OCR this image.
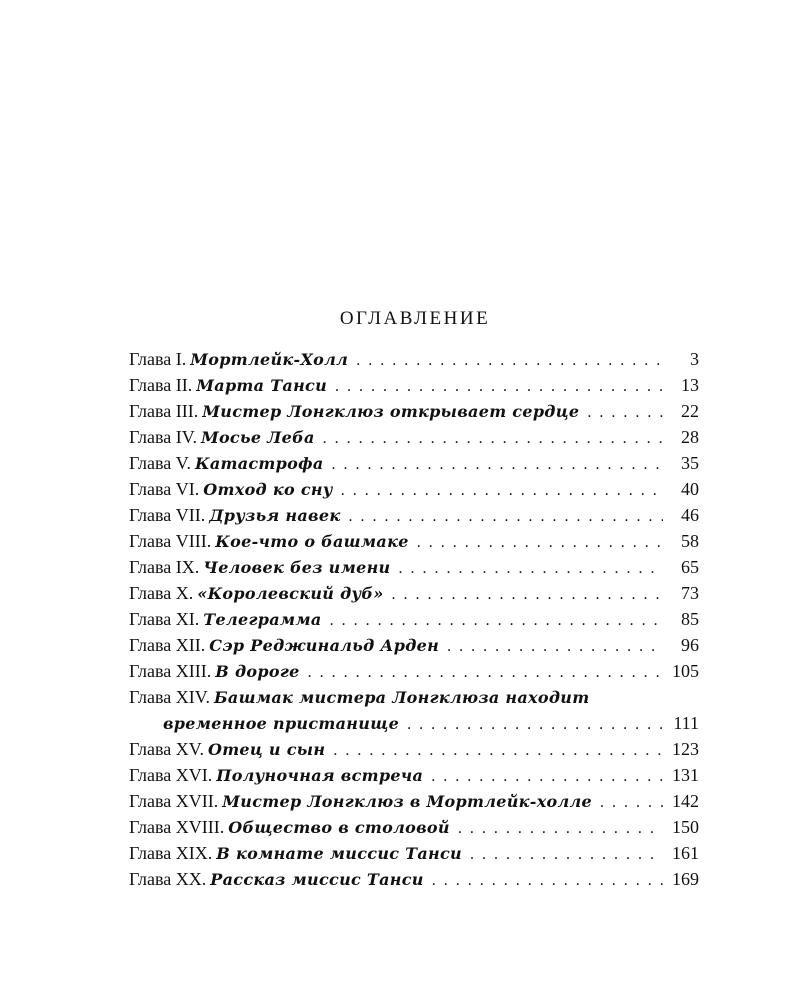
ОГЛАВЛЕНИЕ
Глава I. Мортлейк-Холл . . .	3
Глава II. Марта Танси . . .	13
Глава III. Мистер Лонгклюз открывает сердце . . .	22
Глава IV. Мосье Леба . . .	28
Глава V. Катастрофа . . .	35
Глава VI. Отход ко сну . . .	40
Глава VII. Друзья навек . . .	46
Глава VIII. Кое-что о башмаке . . .	58
Глава IX. Человек без имени . . .	65
Глава X. «Королевский дуб» . . .	73
Глава XI. Телеграмма . . .	85
Глава XII. Сэр Реджинальд Арден . . .	96
Глава XIII. В дороге . . .	105
Глава XIV. Башмак мистера Лонгклюза находит
временное пристанище . . .	111
Глава XV. Отец и сын . . .	123
Глава XVI. Полуночная встреча . . .	131
Глава XVII. Мистер Лонгклюз в Мортлейк-холле . . .	142
Глава XVIII. Общество в столовой . . .	150
Глава XIX. В комнате миссис Танси . . .	161
Глава XX. Рассказ миссис Танси . . .	169
